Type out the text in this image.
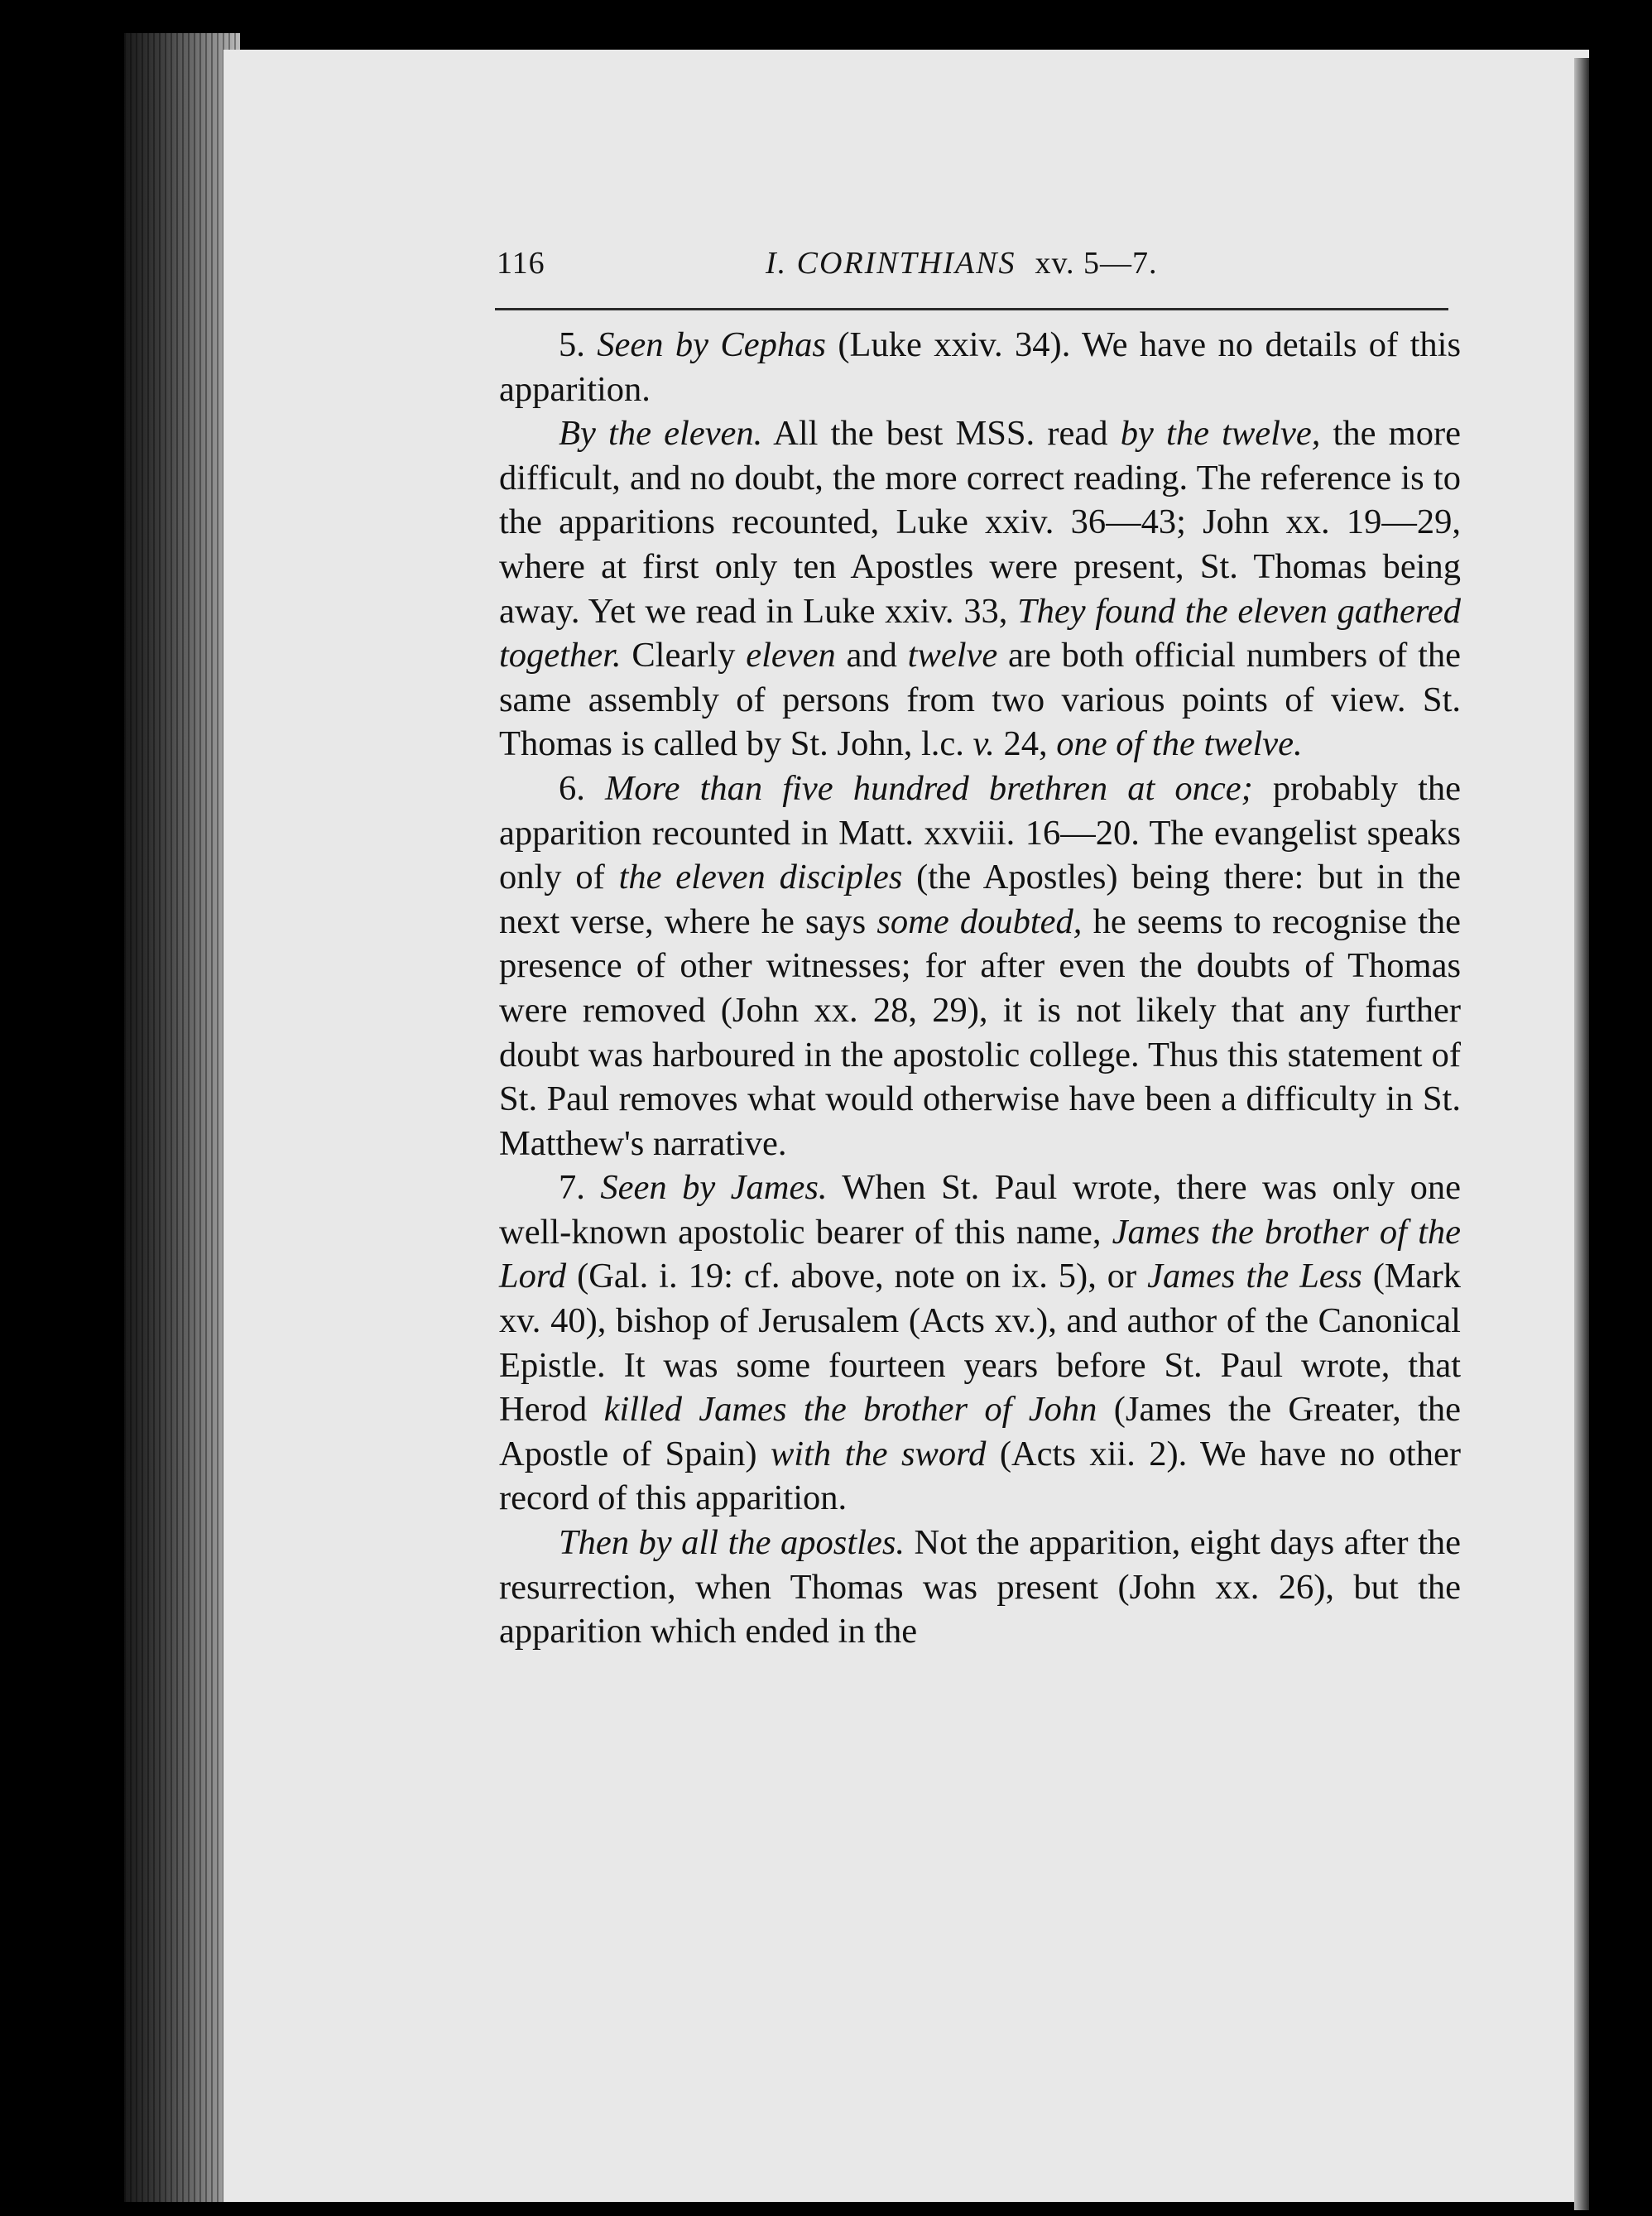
116	I. CORINTHIANS xv. 5—7.

5. Seen by Cephas (Luke xxiv. 34). We have no details of this apparition.

By the eleven. All the best MSS. read by the twelve, the more difficult, and no doubt, the more correct reading. The reference is to the apparitions recounted, Luke xxiv. 36—43; John xx. 19—29, where at first only ten Apostles were present, St. Thomas being away. Yet we read in Luke xxiv. 33, They found the eleven gathered together. Clearly eleven and twelve are both official numbers of the same assembly of persons from two various points of view. St. Thomas is called by St. John, l.c. v. 24, one of the twelve.

6. More than five hundred brethren at once; probably the apparition recounted in Matt. xxviii. 16—20. The evangelist speaks only of the eleven disciples (the Apostles) being there: but in the next verse, where he says some doubted, he seems to recognise the presence of other witnesses; for after even the doubts of Thomas were removed (John xx. 28, 29), it is not likely that any further doubt was harboured in the apostolic college. Thus this statement of St. Paul removes what would otherwise have been a difficulty in St. Matthew's narrative.

7. Seen by James. When St. Paul wrote, there was only one well-known apostolic bearer of this name, James the brother of the Lord (Gal. i. 19: cf. above, note on ix. 5), or James the Less (Mark xv. 40), bishop of Jerusalem (Acts xv.), and author of the Canonical Epistle. It was some fourteen years before St. Paul wrote, that Herod killed James the brother of John (James the Greater, the Apostle of Spain) with the sword (Acts xii. 2). We have no other record of this apparition.

Then by all the apostles. Not the apparition, eight days after the resurrection, when Thomas was present (John xx. 26), but the apparition which ended in the
